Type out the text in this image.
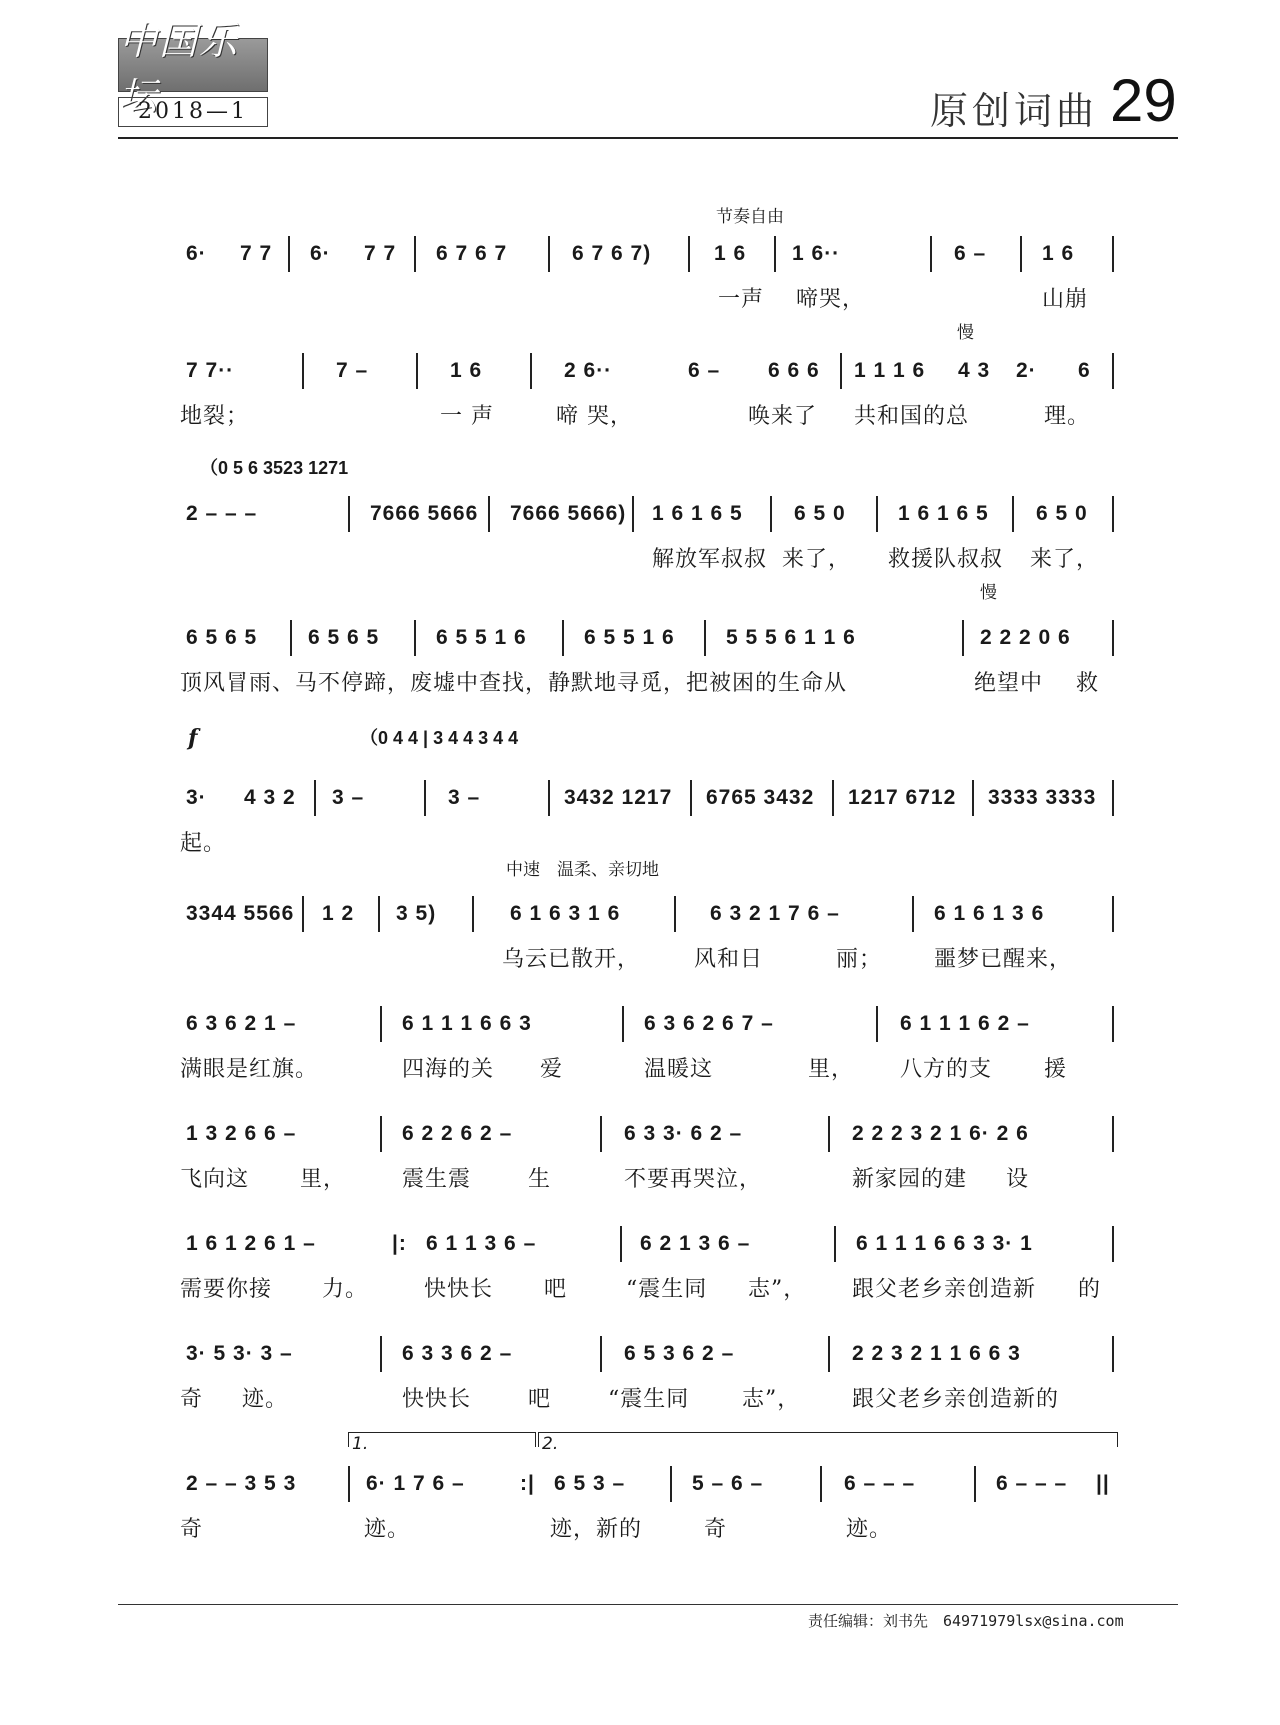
中国乐坛
2018—1	原创词曲 29
节奏自由
慢
慢
f
中速　温柔、亲切地
6· 7 7 6· 7 7 6 7 6 7	6 7 6 7)	1 6 1 6··	6 –	1 6
一声 啼哭，	山崩
7 7··	7 –	1 6	2 6··	6 – 6 6 6 1 1 1 6 4 3 2· 6
地裂；	一 声	啼 哭，	唤来了 共和国的总	理。
（0 5 6 3523 1271
2 – – –	7666 5666 7666 5666) 1 6 1 6 5 6 5 0 1 6 1 6 5 6 5 0
解放军叔叔 来了， 救援队叔叔 来了，
6 5 6 5 6 5 6 5	6 5 5 1 6	6 5 5 1 6 5 5 5 6 1 1 6	2 2 2 0 6
顶风冒雨、马不停蹄，废墟中查找，静默地寻觅，把被困的生命从	绝望中 救
（0 4 4 | 3 4 4 3 4 4
3· 4 3 2 3 –	3 –	3432 1217 6765 3432 1217 6712 3333 3333
起。
3344 5566 1 2 3 5)	6 1 6 3 1 6	6 3 2 1 7 6 –	6 1 6 1 3 6
乌云已散开， 风和日	丽； 噩梦已醒来，
6 3 6 2 1 –	6 1 1 1 6 6 3	6 3 6 2 6 7 –	6 1 1 1 6 2 –
满眼是红旗。	四海的关 爱	温暖这	里， 八方的支 援
1 3 2 6 6 –	6 2 2 6 2 –	6 3 3· 6 2 –	2 2 2 3 2 1 6· 2 6
飞向这 里，	震生震	生	不要再哭泣，	新家园的建 设
1 6 1 2 6 1 –	|: 6 1 1 3 6 –	6 2 1 3 6 –	6 1 1 1 6 6 3 3· 1
需要你接 力。	快快长 吧	“震生同 志”， 跟父老乡亲创造新 的
3· 5 3· 3 –	6 3 3 6 2 –	6 5 3 6 2 –	2 2 3 2 1 1 6 6 3
奇 迹。	快快长	吧	“震生同 志”， 跟父老乡亲创造新的
1.	2.
2 – – 3 5 3	6· 1 7 6 –	:| 6 5 3 –	5 – 6 –	6 – – –	6 – – – ||
奇	迹。	迹，新的	奇	迹。
责任编辑：刘书先　64971979lsx@sina.com
